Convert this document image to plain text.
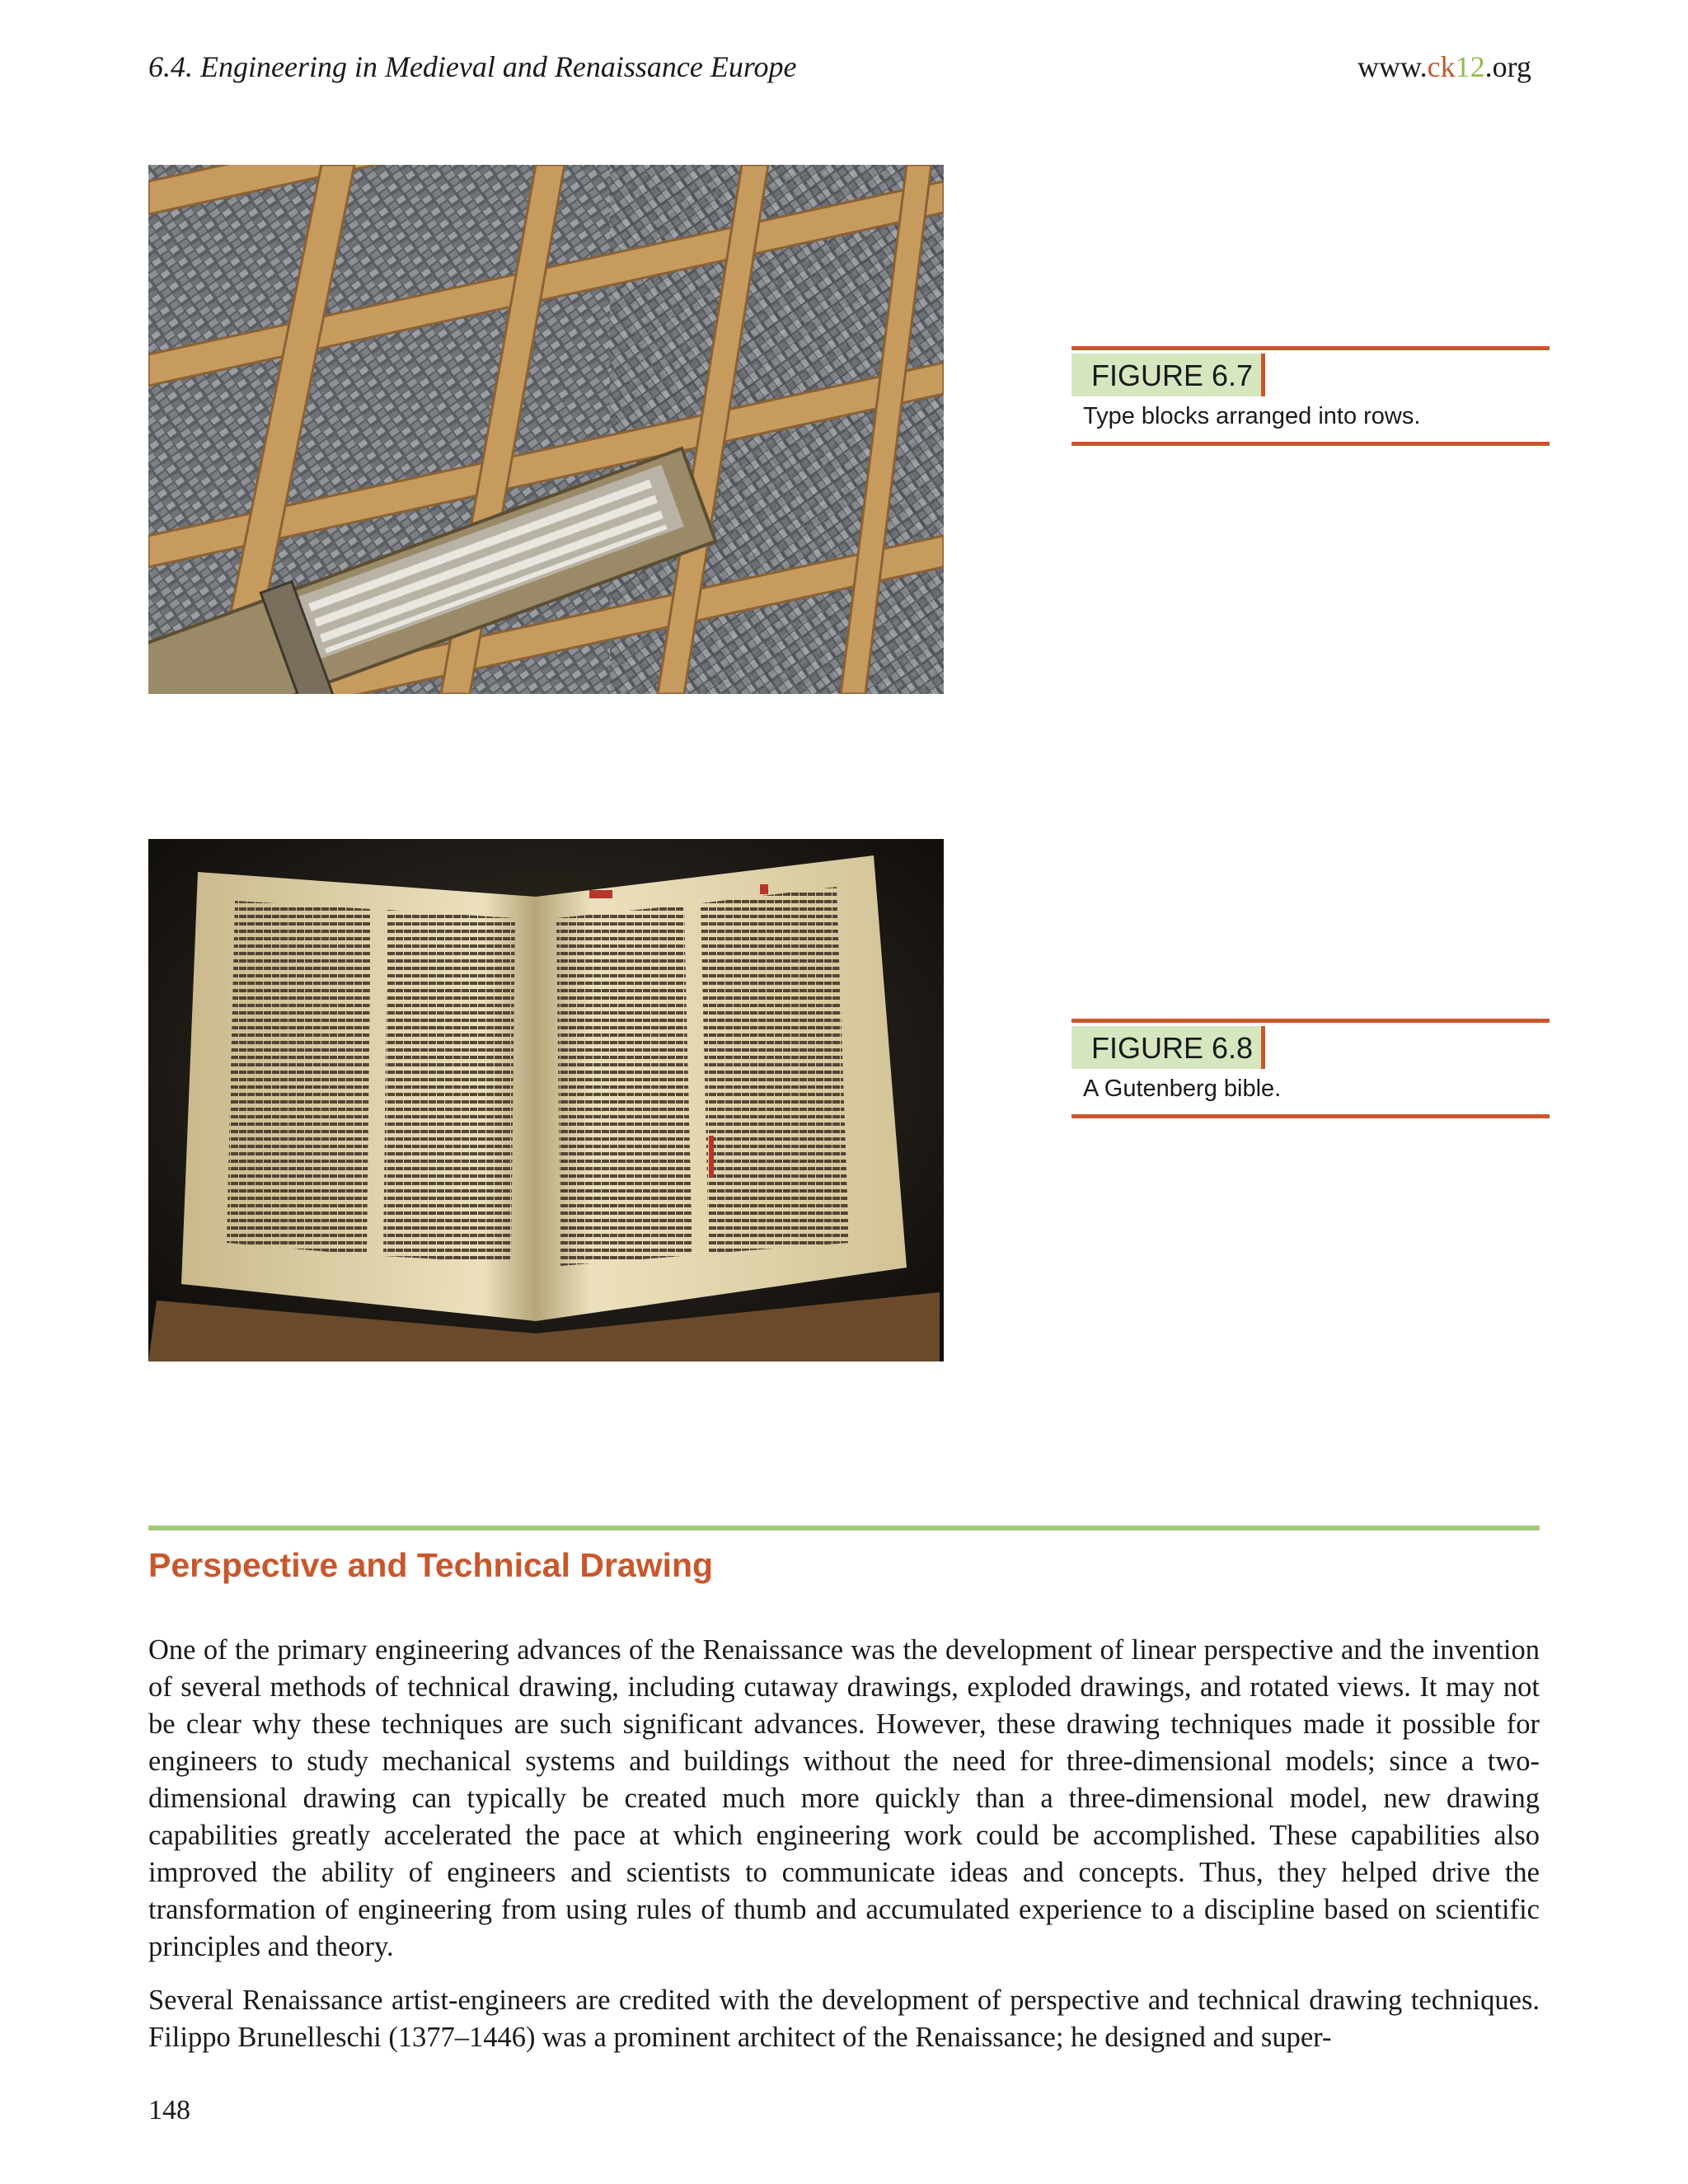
6.4. Engineering in Medieval and Renaissance Europe	www.ck12.org
FIGURE 6.7
Type blocks arranged into rows.
FIGURE 6.8
A Gutenberg bible.
Perspective and Technical Drawing
One of the primary engineering advances of the Renaissance was the development of linear perspective and the invention of several methods of technical drawing, including cutaway drawings, exploded drawings, and rotated views. It may not be clear why these techniques are such significant advances. However, these drawing techniques made it possible for engineers to study mechanical systems and buildings without the need for three-dimensional models; since a two-dimensional drawing can typically be created much more quickly than a three-dimensional model, new drawing capabilities greatly accelerated the pace at which engineering work could be accomplished. These capabilities also improved the ability of engineers and scientists to communicate ideas and concepts. Thus, they helped drive the transformation of engineering from using rules of thumb and accumulated experience to a discipline based on scientific principles and theory.
Several Renaissance artist-engineers are credited with the development of perspective and technical drawing techniques. Filippo Brunelleschi (1377–1446) was a prominent architect of the Renaissance; he designed and super-
148
